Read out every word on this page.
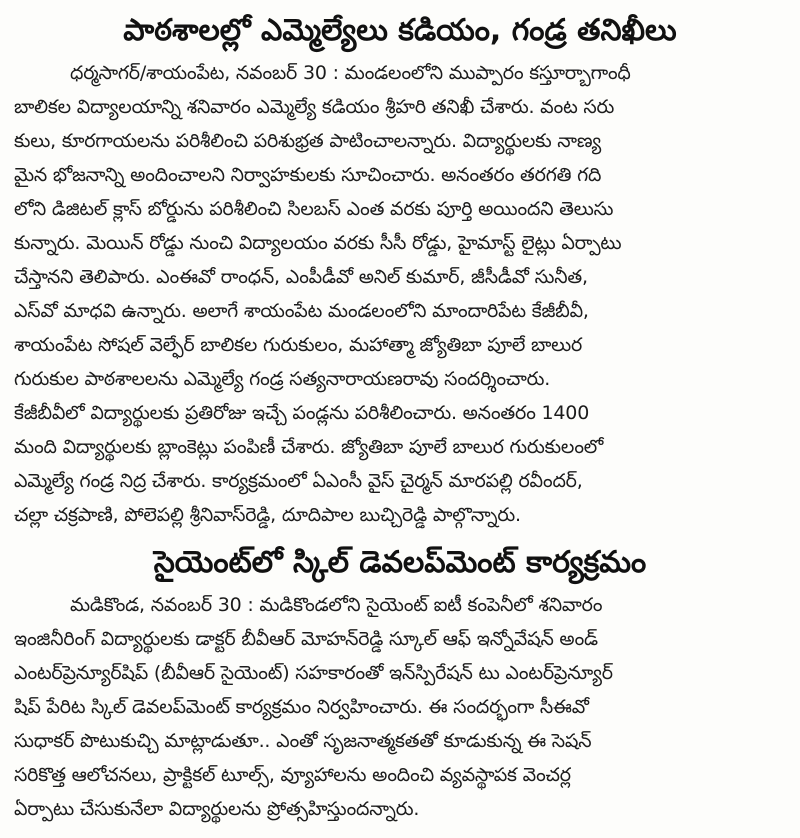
పాఠశాలల్లో ఎమ్మెల్యేలు కడియం, గండ్ర తనిఖీలు
ధర్మసాగర్/శాయంపేట, నవంబర్ 30 : మండలంలోని ముప్పారం కస్తూర్బాగాంధీ
బాలికల విద్యాలయాన్ని శనివారం ఎమ్మెల్యే కడియం శ్రీహరి తనిఖీ చేశారు. వంట సరు
కులు, కూరగాయలను పరిశీలించి పరిశుభ్రత పాటించాలన్నారు. విద్యార్థులకు నాణ్య
మైన భోజనాన్ని అందించాలని నిర్వాహకులకు సూచించారు. అనంతరం తరగతి గది
లోని డిజిటల్ క్లాస్ బోర్డును పరిశీలించి సిలబస్ ఎంత వరకు పూర్తి అయిందని తెలుసు
కున్నారు. మెయిన్ రోడ్డు నుంచి విద్యాలయం వరకు సీసీ రోడ్డు, హైమాస్ట్ లైట్లు ఏర్పాటు
చేస్తానని తెలిపారు. ఎంఈవో రాంధన్, ఎంపీడీవో అనిల్ కుమార్, జీసీడీవో సునీత,
ఎస్‌వో మాధవి ఉన్నారు. అలాగే శాయంపేట మండలంలోని మాందారిపేట కేజీబీవీ,
శాయంపేట సోషల్ వెల్ఫేర్ బాలికల గురుకులం, మహాత్మా జ్యోతిబా పూలే బాలుర
గురుకుల పాఠశాలలను ఎమ్మెల్యే గండ్ర సత్యనారాయణరావు సందర్శించారు.
కేజీబీవీలో విద్యార్థులకు ప్రతిరోజు ఇచ్చే పండ్లను పరిశీలించారు. అనంతరం 1400
మంది విద్యార్థులకు బ్లాంకెట్లు పంపిణీ చేశారు. జ్యోతిబా పూలే బాలుర గురుకులంలో
ఎమ్మెల్యే గండ్ర నిద్ర చేశారు. కార్యక్రమంలో ఏఎంసీ వైస్ చైర్మన్ మారపల్లి రవీందర్,
చల్లా చక్రపాణి, పోలెపల్లి శ్రీనివాస్‌రెడ్డి, దూదిపాల బుచ్చిరెడ్డి పాల్గొన్నారు.
సైయెంట్‌లో స్కిల్ డెవలప్‌మెంట్ కార్యక్రమం
మడికొండ, నవంబర్ 30 : మడికొండలోని సైయెంట్ ఐటీ కంపెనీలో శనివారం
ఇంజినీరింగ్ విద్యార్థులకు డాక్టర్ బీవీఆర్ మోహన్‌రెడ్డి స్కూల్ ఆఫ్ ఇన్నోవేషన్ అండ్
ఎంటర్‌ప్రెన్యూర్‌షిప్ (బీవీఆర్ సైయెంట్) సహకారంతో ఇన్‌స్పిరేషన్ టు ఎంటర్‌ప్రెన్యూర్
షిప్ పేరిట స్కిల్ డెవలప్‌మెంట్ కార్యక్రమం నిర్వహించారు. ఈ సందర్భంగా సీఈవో
సుధాకర్ పొటుకుచ్చి మాట్లాడుతూ.. ఎంతో సృజనాత్మకతతో కూడుకున్న ఈ సెషన్
సరికొత్త ఆలోచనలు, ప్రాక్టికల్ టూల్స్, వ్యూహాలను అందించి వ్యవస్థాపక వెంచర్ల
ఏర్పాటు చేసుకునేలా విద్యార్థులను ప్రోత్సహిస్తుందన్నారు.
